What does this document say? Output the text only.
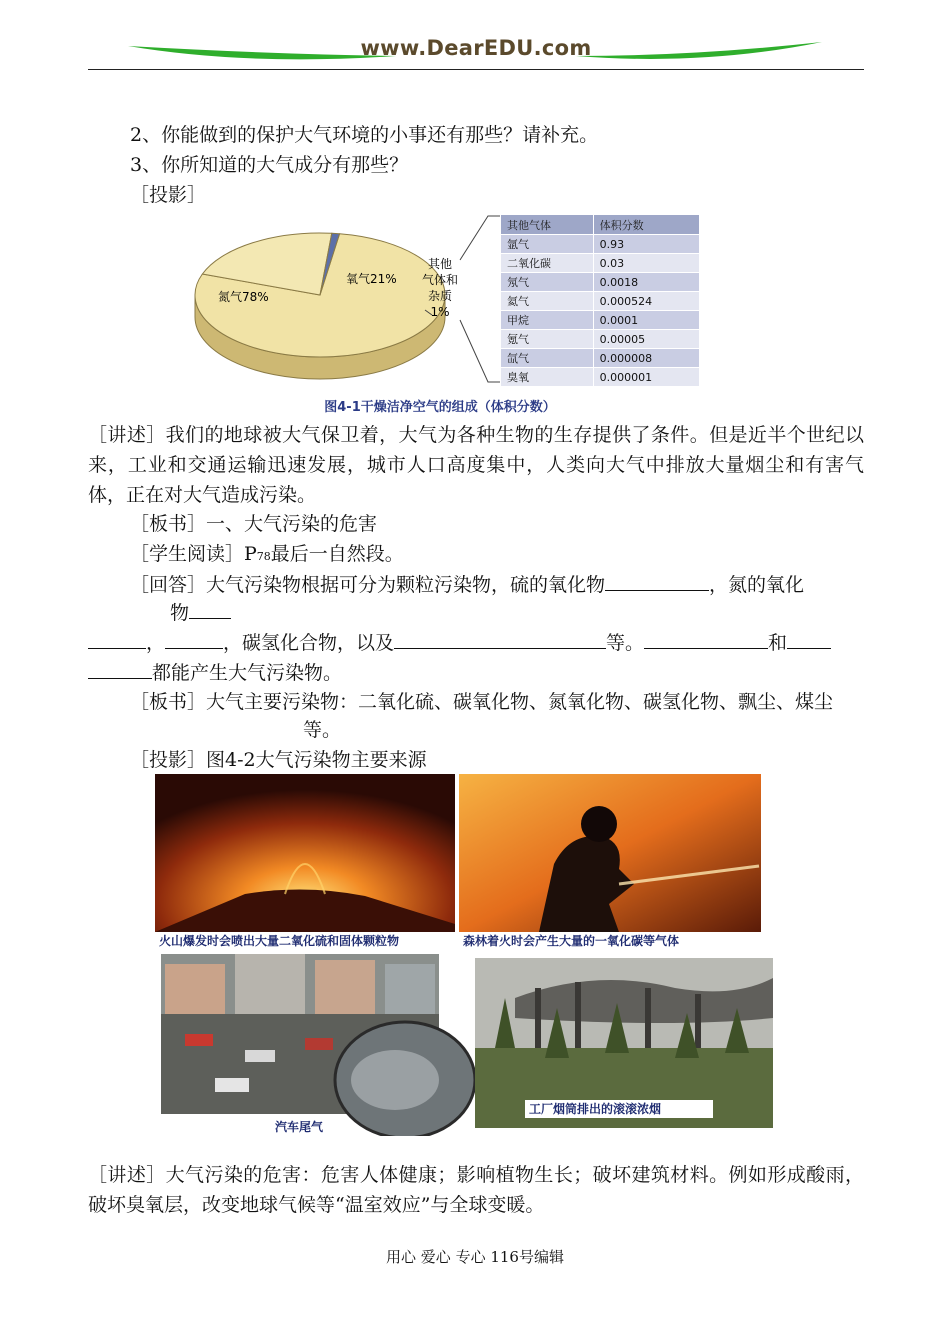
www.DearEDU.com
2、你能做到的保护大气环境的小事还有那些？请补充。
3、你所知道的大气成分有那些？
［投影］
氮气78%
氧气21%
其他
气体和
杂质
1%
其他气体	体积分数
氩气	0.93
二氧化碳	0.03
氖气	0.0018
氦气	0.000524
甲烷	0.0001
氪气	0.00005
氙气	0.000008
臭氧	0.000001
图4-1干燥洁净空气的组成（体积分数）
［讲述］我们的地球被大气保卫着，大气为各种生物的生存提供了条件。但是近半个世纪以来，工业和交通运输迅速发展，城市人口高度集中，人类向大气中排放大量烟尘和有害气体，正在对大气造成污染。
［板书］一、大气污染的危害
［学生阅读］P78最后一自然段。
［回答］大气污染物根据可分为颗粒污染物，硫的氧化物	，氮的氧化
物
，	，碳氢化合物，以及	等。	和
都能产生大气污染物。
［板书］大气主要污染物：二氧化硫、碳氧化物、氮氧化物、碳氢化物、飘尘、煤尘
等。
［投影］图4-2大气污染物主要来源
火山爆发时会喷出大量二氧化硫和固体颗粒物	森林着火时会产生大量的一氧化碳等气体
汽车尾气
工厂烟筒排出的滚滚浓烟
［讲述］大气污染的危害：危害人体健康；影响植物生长；破坏建筑材料。例如形成酸雨，破坏臭氧层，改变地球气候等“温室效应”与全球变暖。
用心 爱心 专心 116号编辑
